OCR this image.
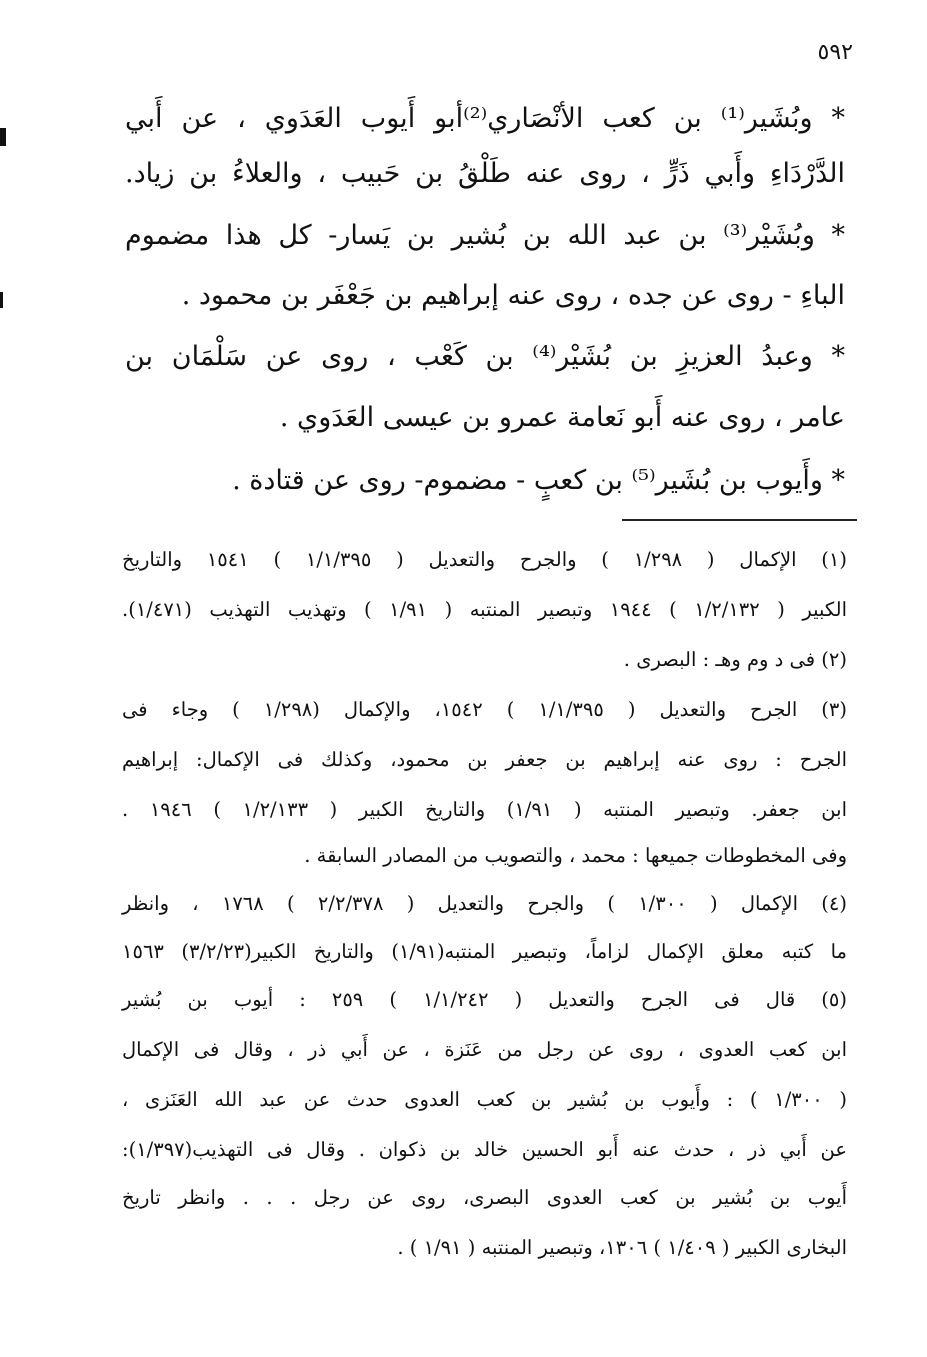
٥٩٢
* وبُشَير⁽¹⁾ بن كعب الأنْصَاري⁽²⁾أبو أَيوب العَدَوي ، عن أَبي
الدَّرْدَاءِ وأَبي ذَرٍّ ، روى عنه طَلْقُ بن حَبيب ، والعلاءُ بن زياد.
* وبُشَيْر⁽³⁾ بن عبد الله بن بُشير بن يَسار- كل هذا مضموم
الباءِ - روى عن جده ، روى عنه إبراهيم بن جَعْفَر بن محمود .
* وعبدُ العزيزِ بن بُشَيْر⁽⁴⁾ بن كَعْب ، روى عن سَلْمَان بن
عامر ، روى عنه أَبو نَعامة عمرو بن عيسى العَدَوي .
* وأَيوب بن بُشَير⁽⁵⁾ بن كعبٍ - مضموم- روى عن قتادة .
(١) الإكمال ( ١/٢٩٨ ) والجرح والتعديل ( ١/١/٣٩٥ ) ١٥٤١ والتاريخ
الكبير ( ١/٢/١٣٢ ) ١٩٤٤ وتبصير المنتبه ( ١/٩١ ) وتهذيب التهذيب (١/٤٧١).
(٢) فى د وم وهـ : البصرى .
(٣) الجرح والتعديل ( ١/١/٣٩٥ ) ١٥٤٢، والإكمال (١/٢٩٨ ) وجاء فى
الجرح : روى عنه إبراهيم بن جعفر بن محمود، وكذلك فى الإكمال: إبراهيم
ابن جعفر. وتبصير المنتبه ( ١/٩١) والتاريخ الكبير ( ١/٢/١٣٣ ) ١٩٤٦ .
وفى المخطوطات جميعها : محمد ، والتصويب من المصادر السابقة .
(٤) الإكمال ( ١/٣٠٠ ) والجرح والتعديل ( ٢/٢/٣٧٨ ) ١٧٦٨ ، وانظر
ما كتبه معلق الإكمال لزاماً، وتبصير المنتبه(١/٩١) والتاريخ الكبير(٣/٢/٢٣) ١٥٦٣
(٥) قال فى الجرح والتعديل ( ١/١/٢٤٢ ) ٢٥٩ : أيوب بن بُشير
ابن كعب العدوى ، روى عن رجل من عَنَزة ، عن أَبي ذر ، وقال فى الإكمال
( ١/٣٠٠ ) : وأَيوب بن بُشير بن كعب العدوى حدث عن عبد الله العَنَزى ،
عن أَبي ذر ، حدث عنه أَبو الحسين خالد بن ذكوان . وقال فى التهذيب(١/٣٩٧):
أَيوب بن بُشير بن كعب العدوى البصرى، روى عن رجل . . . وانظر تاريخ
البخارى الكبير ( ١/٤٠٩ ) ١٣٠٦، وتبصير المنتبه ( ١/٩١ ) .
